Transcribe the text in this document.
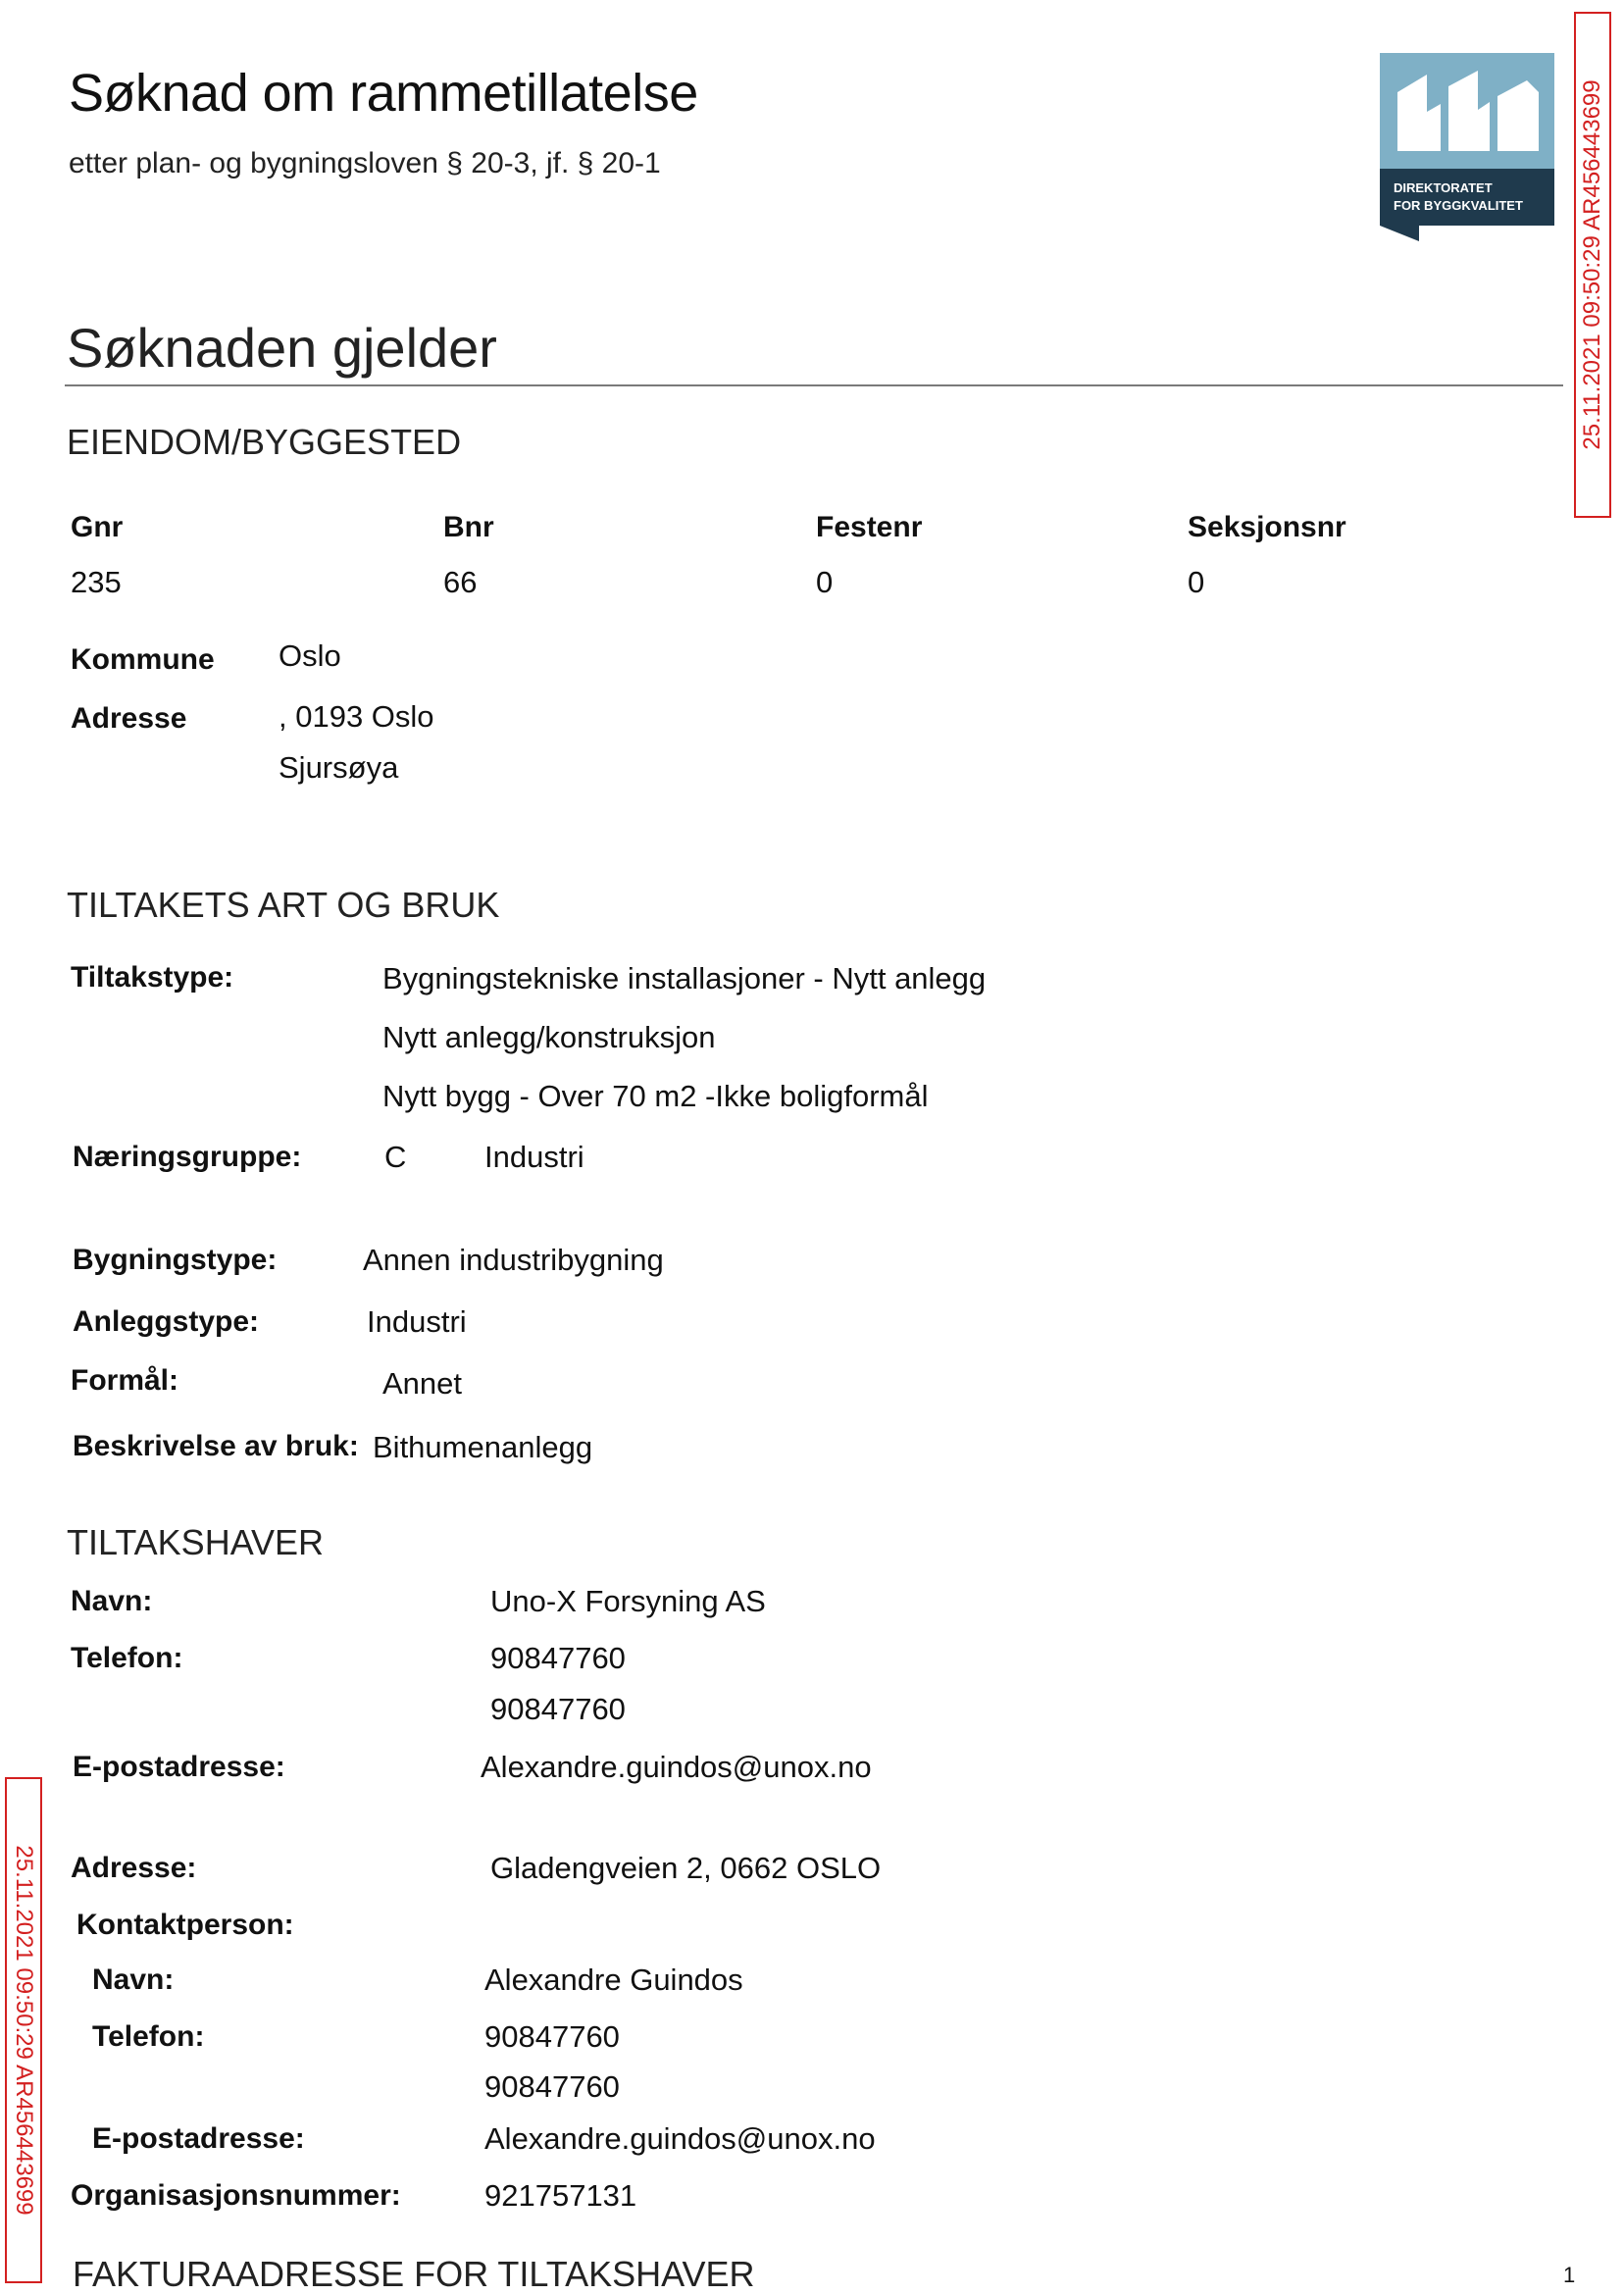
Søknad om rammetillatelse
etter plan- og bygningsloven § 20-3, jf. § 20-1
DIREKTORATET
FOR BYGGKVALITET 25.11.2021 09:50:29 AR456443699
Søknaden gjelder
EIENDOM/BYGGESTED
Gnr	Bnr	Festenr	Seksjonsnr
235	66	0	0
Kommune Oslo
Adresse	, 0193 Oslo
Sjursøya
TILTAKETS ART OG BRUK
Tiltakstype:	Bygningstekniske installasjoner - Nytt anlegg
Nytt anlegg/konstruksjon
Nytt bygg - Over 70 m2 -Ikke boligformål
Næringsgruppe:	C	Industri
Bygningstype:	Annen industribygning
Anleggstype:	Industri
Formål:	Annet
Beskrivelse av bruk: Bithumenanlegg
TILTAKSHAVER
Navn:	Uno-X Forsyning AS
Telefon:	90847760
90847760
E-postadresse:	Alexandre.guindos@unox.no
Adresse:	Gladengveien 2, 0662 OSLO
Kontaktperson:
Navn:	Alexandre Guindos
Telefon:	90847760
90847760
E-postadresse:	Alexandre.guindos@unox.no
Organisasjonsnummer:	921757131
FAKTURAADRESSE FOR TILTAKSHAVER	1
25.11.2021 09:50:29 AR456443699
